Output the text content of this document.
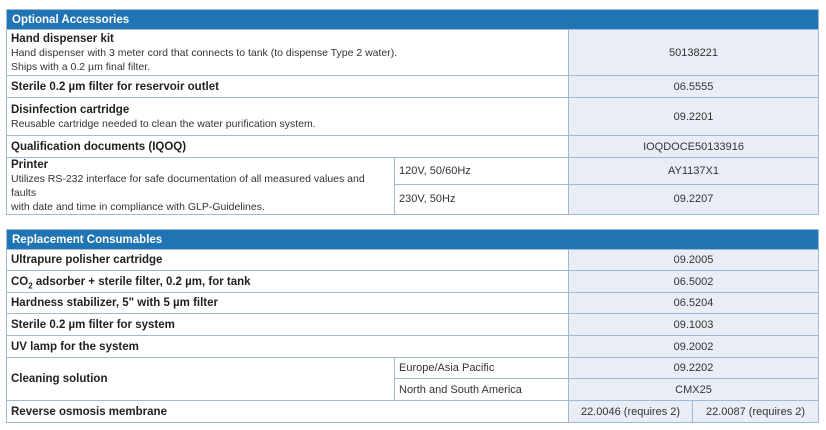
Optional Accessories		

Hand dispenser kit
Hand dispenser with 3 meter cord that connects to tank (to dispense Type 2 water).
Ships with a 0.2 µm final filter.		50138221
Sterile 0.2 µm filter for reservoir outlet		06.5555

Disinfection cartridge
Reusable cartridge needed to clean the water purification system.		09.2201
Qualification documents (IQOQ)		IOQDOCE50133916

Printer
Utilizes RS-232 interface for safe documentation of all measured values and faults
with date and time in compliance with GLP-Guidelines.	120V, 50/60Hz	AY1137X1
	230V, 50Hz	09.2207
Replacement Consumables			
Ultrapure polisher cartridge		09.2005	
$CO_2$ adsorber + sterile filter, 0.2 µm, for tank		06.5002	
Hardness stabilizer, 5" with 5 µm filter		06.5204	
Sterile 0.2 µm filter for system		09.1003	
UV lamp for the system		09.2002	
Cleaning solution	Europe/Asia Pacific	09.2202	
	North and South America	CMX25	
Reverse osmosis membrane		22.0046 (requires 2)	22.0087 (requires 2)
